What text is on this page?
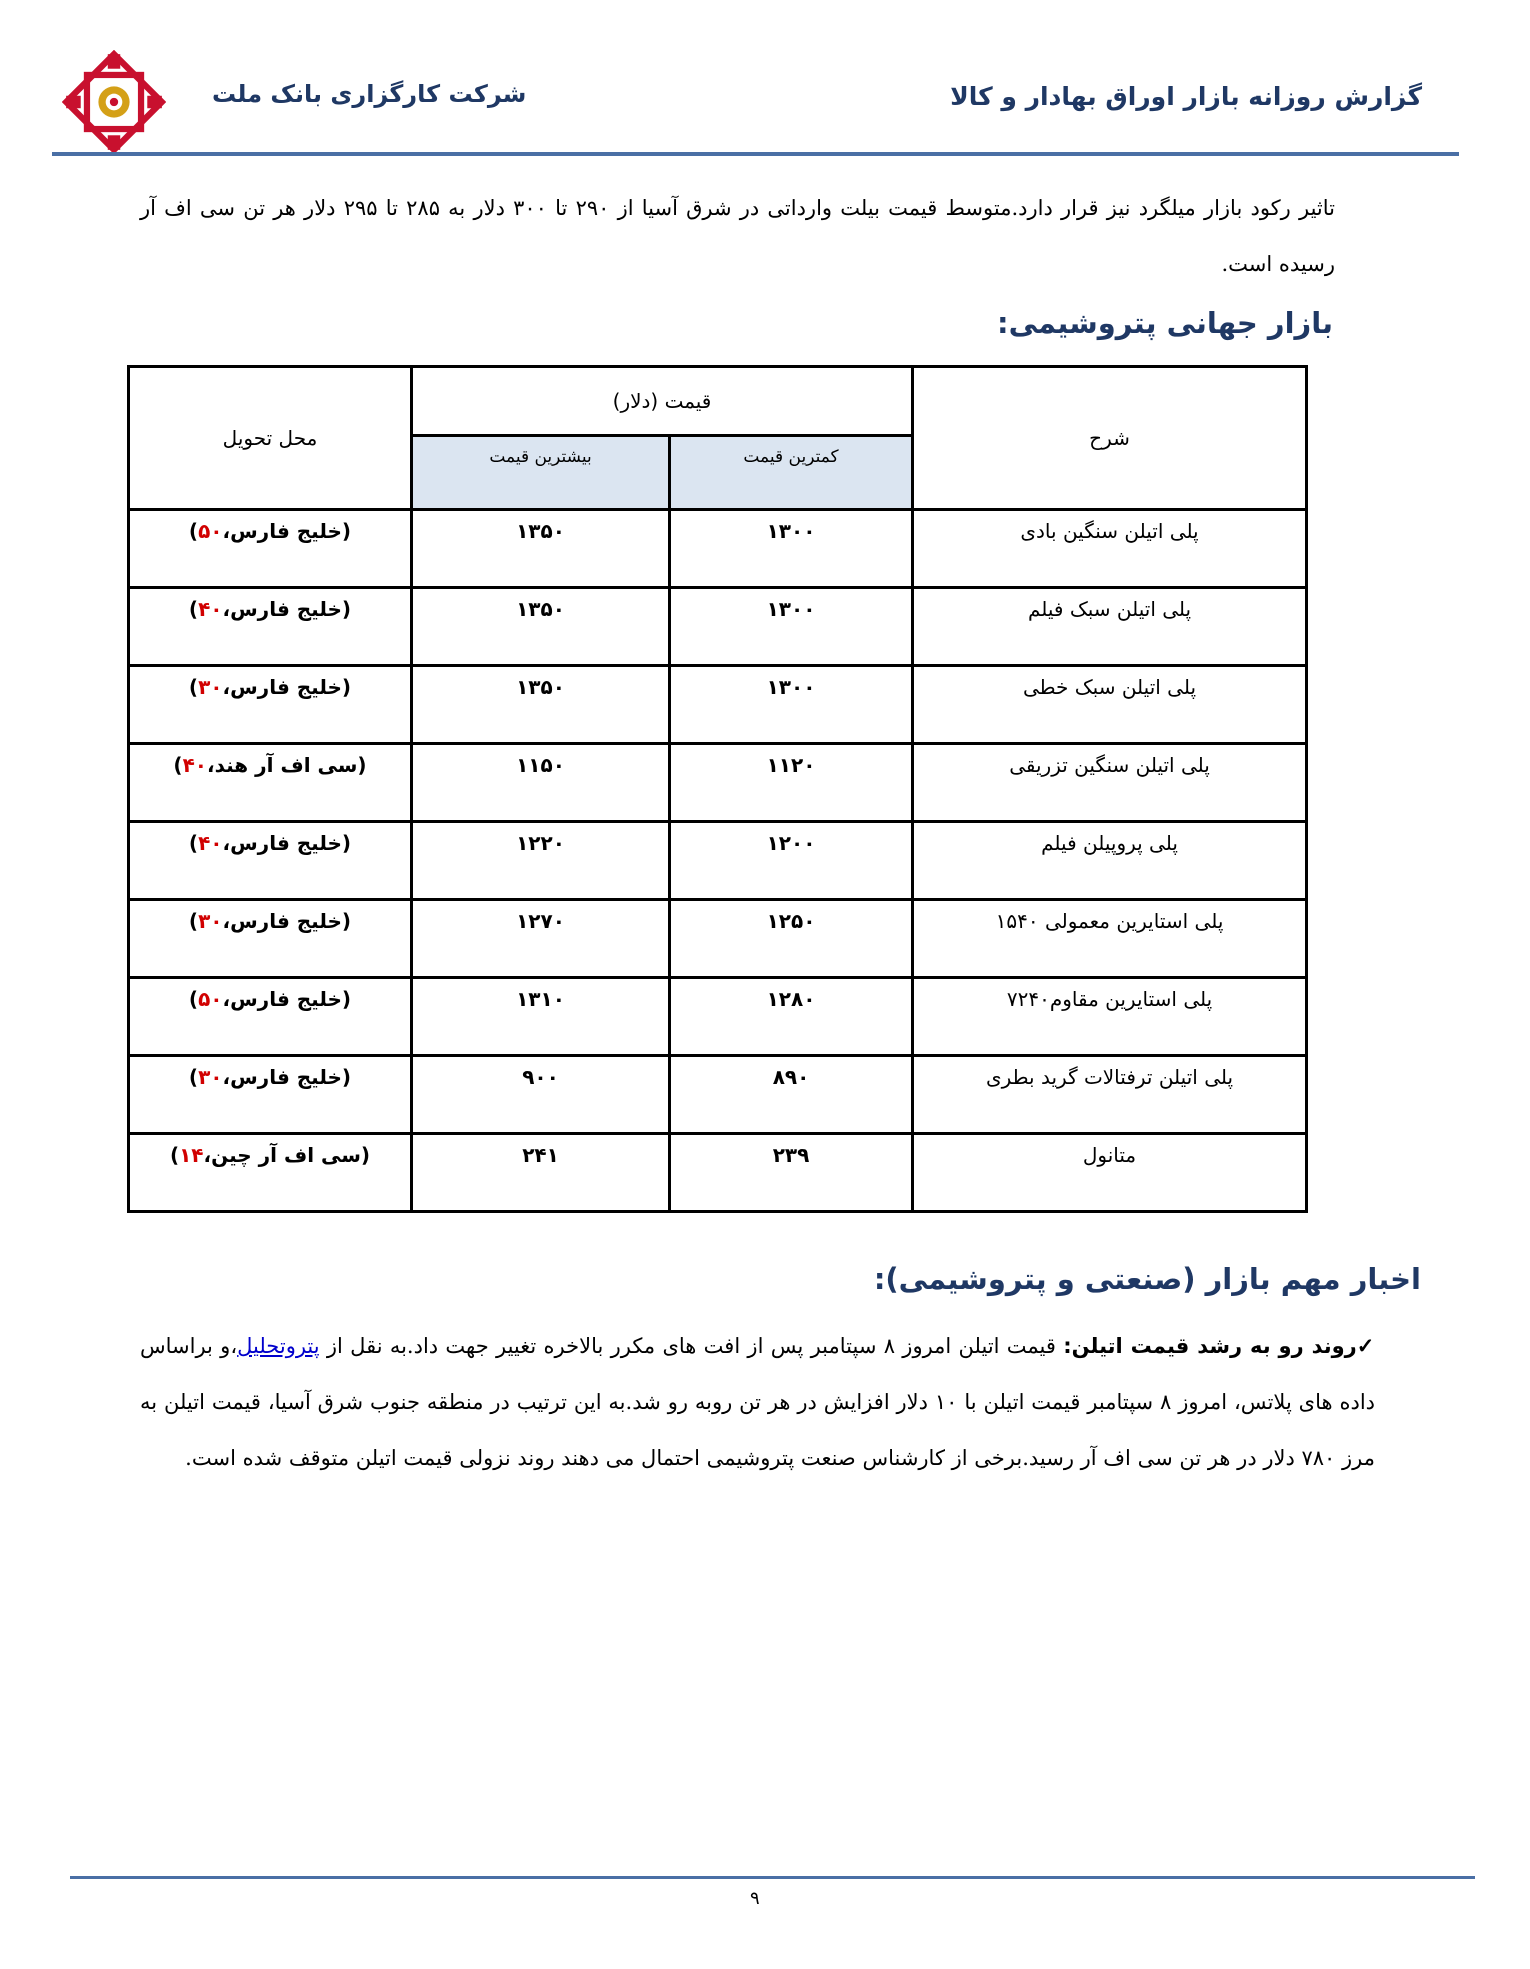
گزارش روزانه بازار اوراق بهادار و کالا
شرکت کارگزاری بانک ملت
تاثیر رکود بازار میلگرد نیز قرار دارد.متوسط قیمت بیلت وارداتی در شرق آسیا از ۲۹۰ تا ۳۰۰ دلار به ۲۸۵ تا ۲۹۵ دلار هر تن سی اف آر رسیده است.
بازار جهانی پتروشیمی:
شرح	قیمت (دلار)		محل تحویل
	کمترین قیمت	بیشترین قیمت	
پلی اتیلن سنگین بادی	۱۳۰۰	۱۳۵۰	(خلیج فارس،۵۰)
پلی اتیلن سبک فیلم	۱۳۰۰	۱۳۵۰	(خلیج فارس،۴۰)
پلی اتیلن سبک خطی	۱۳۰۰	۱۳۵۰	(خلیج فارس،۳۰)
پلی اتیلن سنگین تزریقی	۱۱۲۰	۱۱۵۰	(سی اف آر هند،۴۰)
پلی پروپیلن فیلم	۱۲۰۰	۱۲۲۰	(خلیج فارس،۴۰)
پلی استایرین معمولی ۱۵۴۰	۱۲۵۰	۱۲۷۰	(خلیج فارس،۳۰)
پلی استایرین مقاوم۷۲۴۰	۱۲۸۰	۱۳۱۰	(خلیج فارس،۵۰)
پلی اتیلن ترفتالات گرید بطری	۸۹۰	۹۰۰	(خلیج فارس،۳۰)
متانول	۲۳۹	۲۴۱	(سی اف آر چین،۱۴)
اخبار مهم بازار (صنعتی و پتروشیمی):
✓روند رو به رشد قیمت اتیلن: قیمت اتیلن امروز ۸ سپتامبر پس از افت های مکرر بالاخره تغییر جهت داد.به نقل از پتروتحلیل،و براساس داده های پلاتس، امروز ۸ سپتامبر قیمت اتیلن با ۱۰ دلار افزایش در هر تن روبه رو شد.به این ترتیب در منطقه جنوب شرق آسیا، قیمت اتیلن به مرز ۷۸۰ دلار در هر تن سی اف آر رسید.برخی از کارشناس صنعت پتروشیمی احتمال می دهند روند نزولی قیمت اتیلن متوقف شده است.
۹
